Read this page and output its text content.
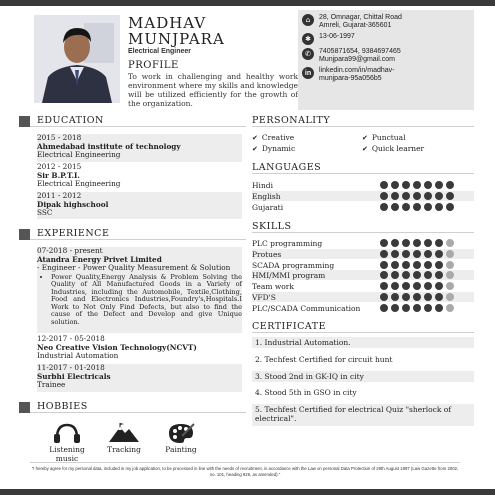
MADHAV
MUNJPARA
Electrical Engineer
PROFILE
To work in challenging and healthy work environment where my skills and knowledge will be utilized efficiently for the growth of the organization.
⌂	28, Omnagar, Chittal Road
Amreli, Gujarat-365601
✱	13-06-1997
✆	7405871654, 9384697465
Munjpara99@gmail.com
in	linkedin.com/in/madhav-
munjpara-95a056b5
EDUCATION
2015 - 2018
Ahmedabad institute of technology
Electrical Engineering
2012 - 2015
Sir B.P.T.I.
Electrical Engineering
2011 - 2012
Dipak highschool
SSC
EXPERIENCE
07-2018 - present
Atandra Energy Privet Limited
- Engineer - Power Quality Measurement & Solution
• Power Quality,Energy Analysis & Problem Solving the Quality of All Manufactured Goods in a Variety of Industries, including the Automobile, Textile,Clothing, Food and Electronics Industries,Foundry's,Hospitals.I Work to Not Only Find Defects, but also to find the cause of the Defect and Develop and give Unique solution.
12-2017 - 05-2018
Neo Creative Vision Technology(NCVT)
Industrial Automation
11-2017 - 01-2018
Surbhi Electricals
Trainee
HOBBIES
Listening music
Tracking	Painting
PERSONALITY
✔ Creative	✔ Punctual
✔ Dynamic	✔ Quick learner
LANGUAGES
Hindi
English
Gujarati
SKILLS
PLC programming
Protues
SCADA programming
HMI/MMI program
Team work
VFD'S
PLC/SCADA Communication
CERTIFICATE
1. Industrial Automation.
2. Techfest Certified for circuit hunt
3. Stood 2nd in GK-IQ in city
4. Stood 5th in GSO in city
5. Techfest Certified for electrical Quiz "sherlock of electrical".
"I hereby agree for my personal data, included in my job application, to be processed in line with the needs of recruitment, in accordance with the Law on personal Data Protection of 29th August 1997 (Law Gazette from 2002, no. 101, heading 926, as amended)."
